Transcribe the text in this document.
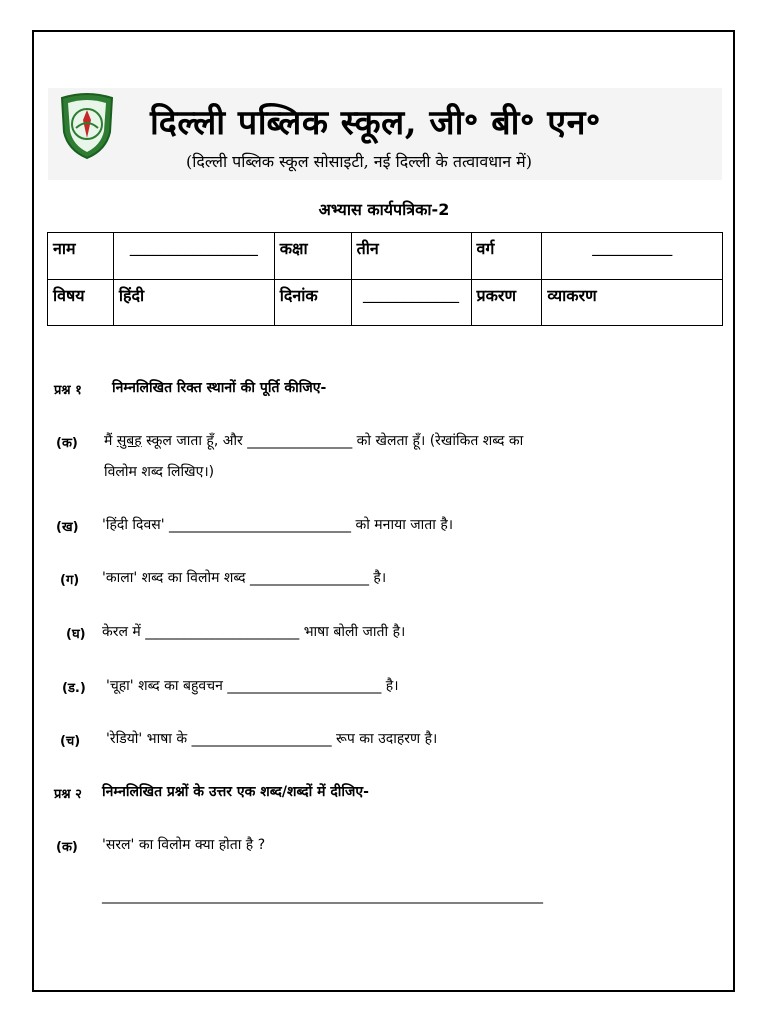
दिल्ली पब्लिक स्कूल, जी॰ बी॰ एन॰
(दिल्ली पब्लिक स्कूल सोसाइटी, नई दिल्ली के तत्वावधान में)
अभ्यास कार्यपत्रिका-2
नाम	________________	कक्षा	तीन	वर्ग	__________
विषय	हिंदी	दिनांक	____________	प्रकरण	व्याकरण
प्रश्न १ निम्नलिखित रिक्त स्थानों की पूर्ति कीजिए-
(क) मैं सुबह स्कूल जाता हूँ, और _______________ को खेलता हूँ। (रेखांकित शब्द का
विलोम शब्द लिखिए।)
(ख) 'हिंदी दिवस' __________________________ को मनाया जाता है।
(ग) 'काला' शब्द का विलोम शब्द _________________ है।
(घ) केरल में ______________________ भाषा बोली जाती है।
(ड.) 'चूहा' शब्द का बहुवचन ______________________ है।
(च) 'रेडियो' भाषा के ____________________ रूप का उदाहरण है।
प्रश्न २ निम्नलिखित प्रश्नों के उत्तर एक शब्द/शब्दों में दीजिए-
(क) 'सरल' का विलोम क्या होता है ?
_______________________________________________________________
